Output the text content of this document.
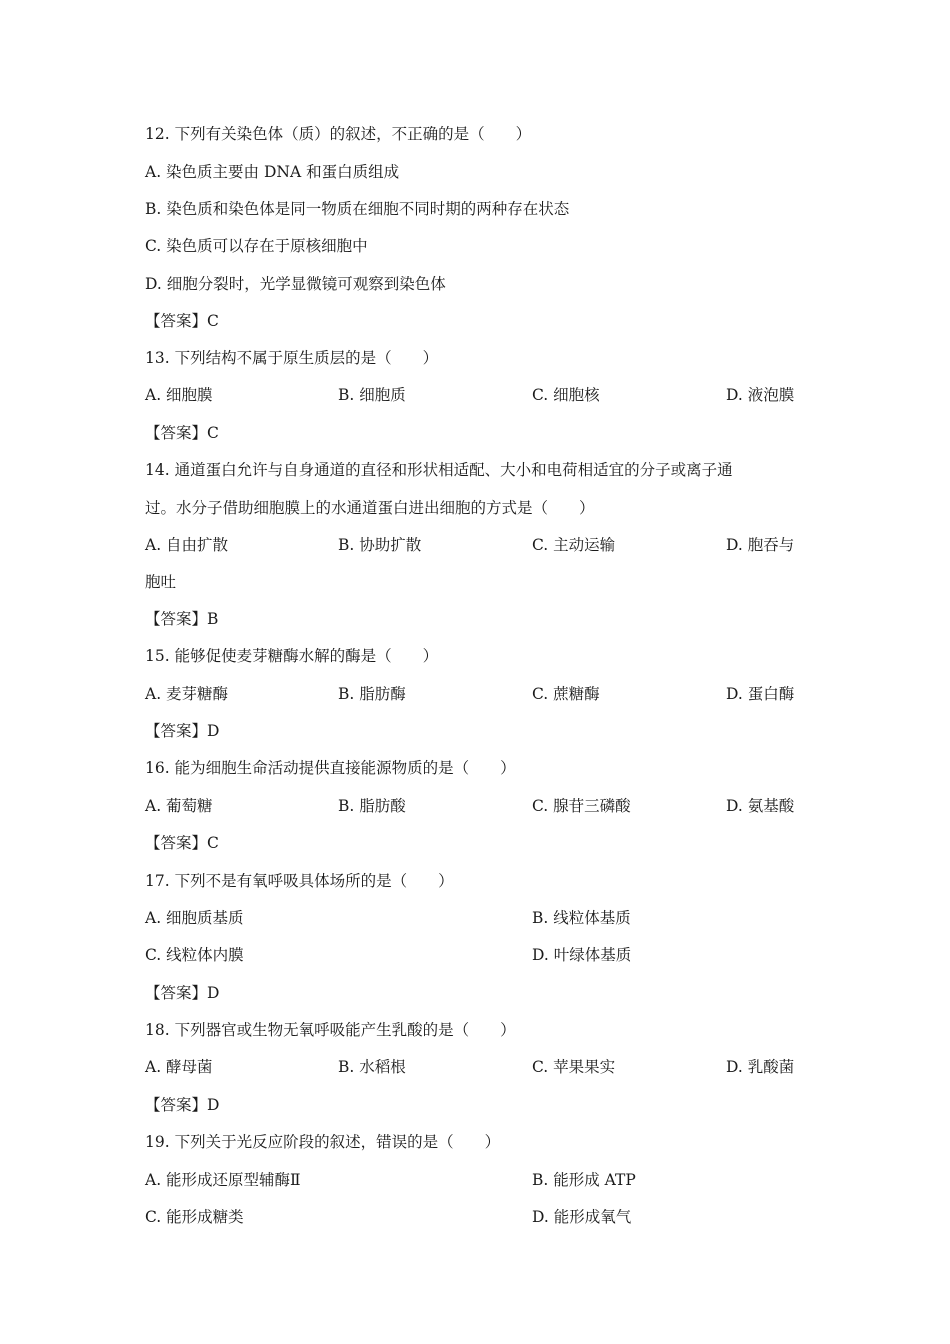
12. 下列有关染色体（质）的叙述，不正确的是（　　）
A. 染色质主要由 DNA 和蛋白质组成
B. 染色质和染色体是同一物质在细胞不同时期的两种存在状态
C. 染色质可以存在于原核细胞中
D. 细胞分裂时，光学显微镜可观察到染色体
【答案】C
13. 下列结构不属于原生质层的是（　　）
A. 细胞膜	B. 细胞质	C. 细胞核	D. 液泡膜
【答案】C
14. 通道蛋白允许与自身通道的直径和形状相适配、大小和电荷相适宜的分子或离子通
过。水分子借助细胞膜上的水通道蛋白进出细胞的方式是（　　）
A. 自由扩散	B. 协助扩散	C. 主动运输	D. 胞吞与
胞吐
【答案】B
15. 能够促使麦芽糖酶水解的酶是（　　）
A. 麦芽糖酶	B. 脂肪酶	C. 蔗糖酶	D. 蛋白酶
【答案】D
16. 能为细胞生命活动提供直接能源物质的是（　　）
A. 葡萄糖	B. 脂肪酸	C. 腺苷三磷酸	D. 氨基酸
【答案】C
17. 下列不是有氧呼吸具体场所的是（　　）
A. 细胞质基质	B. 线粒体基质
C. 线粒体内膜	D. 叶绿体基质
【答案】D
18. 下列器官或生物无氧呼吸能产生乳酸的是（　　）
A. 酵母菌	B. 水稻根	C. 苹果果实	D. 乳酸菌
【答案】D
19. 下列关于光反应阶段的叙述，错误的是（　　）
A. 能形成还原型辅酶Ⅱ	B. 能形成 ATP
C. 能形成糖类	D. 能形成氧气
